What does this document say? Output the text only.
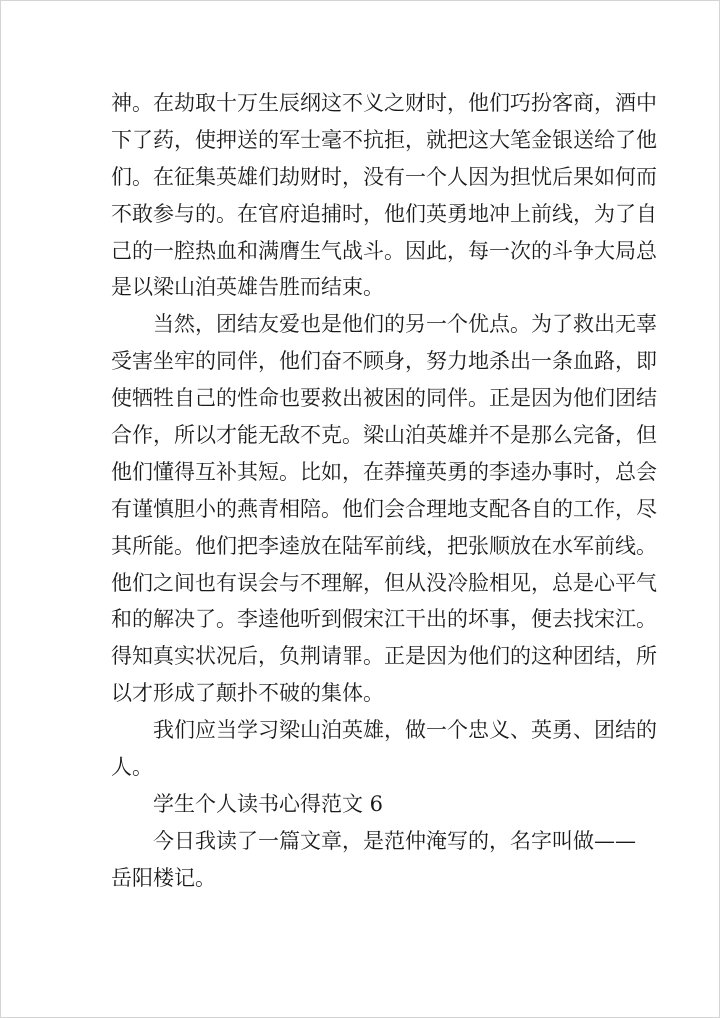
神。在劫取十万生辰纲这不义之财时，他们巧扮客商，酒中
下了药，使押送的军士毫不抗拒，就把这大笔金银送给了他
们。在征集英雄们劫财时，没有一个人因为担忧后果如何而
不敢参与的。在官府追捕时，他们英勇地冲上前线，为了自
己的一腔热血和满膺生气战斗。因此，每一次的斗争大局总
是以梁山泊英雄告胜而结束。
当然，团结友爱也是他们的另一个优点。为了救出无辜
受害坐牢的同伴，他们奋不顾身，努力地杀出一条血路，即
使牺牲自己的性命也要救出被困的同伴。正是因为他们团结
合作，所以才能无敌不克。梁山泊英雄并不是那么完备，但
他们懂得互补其短。比如，在莽撞英勇的李逵办事时，总会
有谨慎胆小的燕青相陪。他们会合理地支配各自的工作，尽
其所能。他们把李逵放在陆军前线，把张顺放在水军前线。
他们之间也有误会与不理解，但从没冷脸相见，总是心平气
和的解决了。李逵他听到假宋江干出的坏事，便去找宋江。
得知真实状况后，负荆请罪。正是因为他们的这种团结，所
以才形成了颠扑不破的集体。
我们应当学习梁山泊英雄，做一个忠义、英勇、团结的
人。
学生个人读书心得范文 6
今日我读了一篇文章，是范仲淹写的，名字叫做——
岳阳楼记。
